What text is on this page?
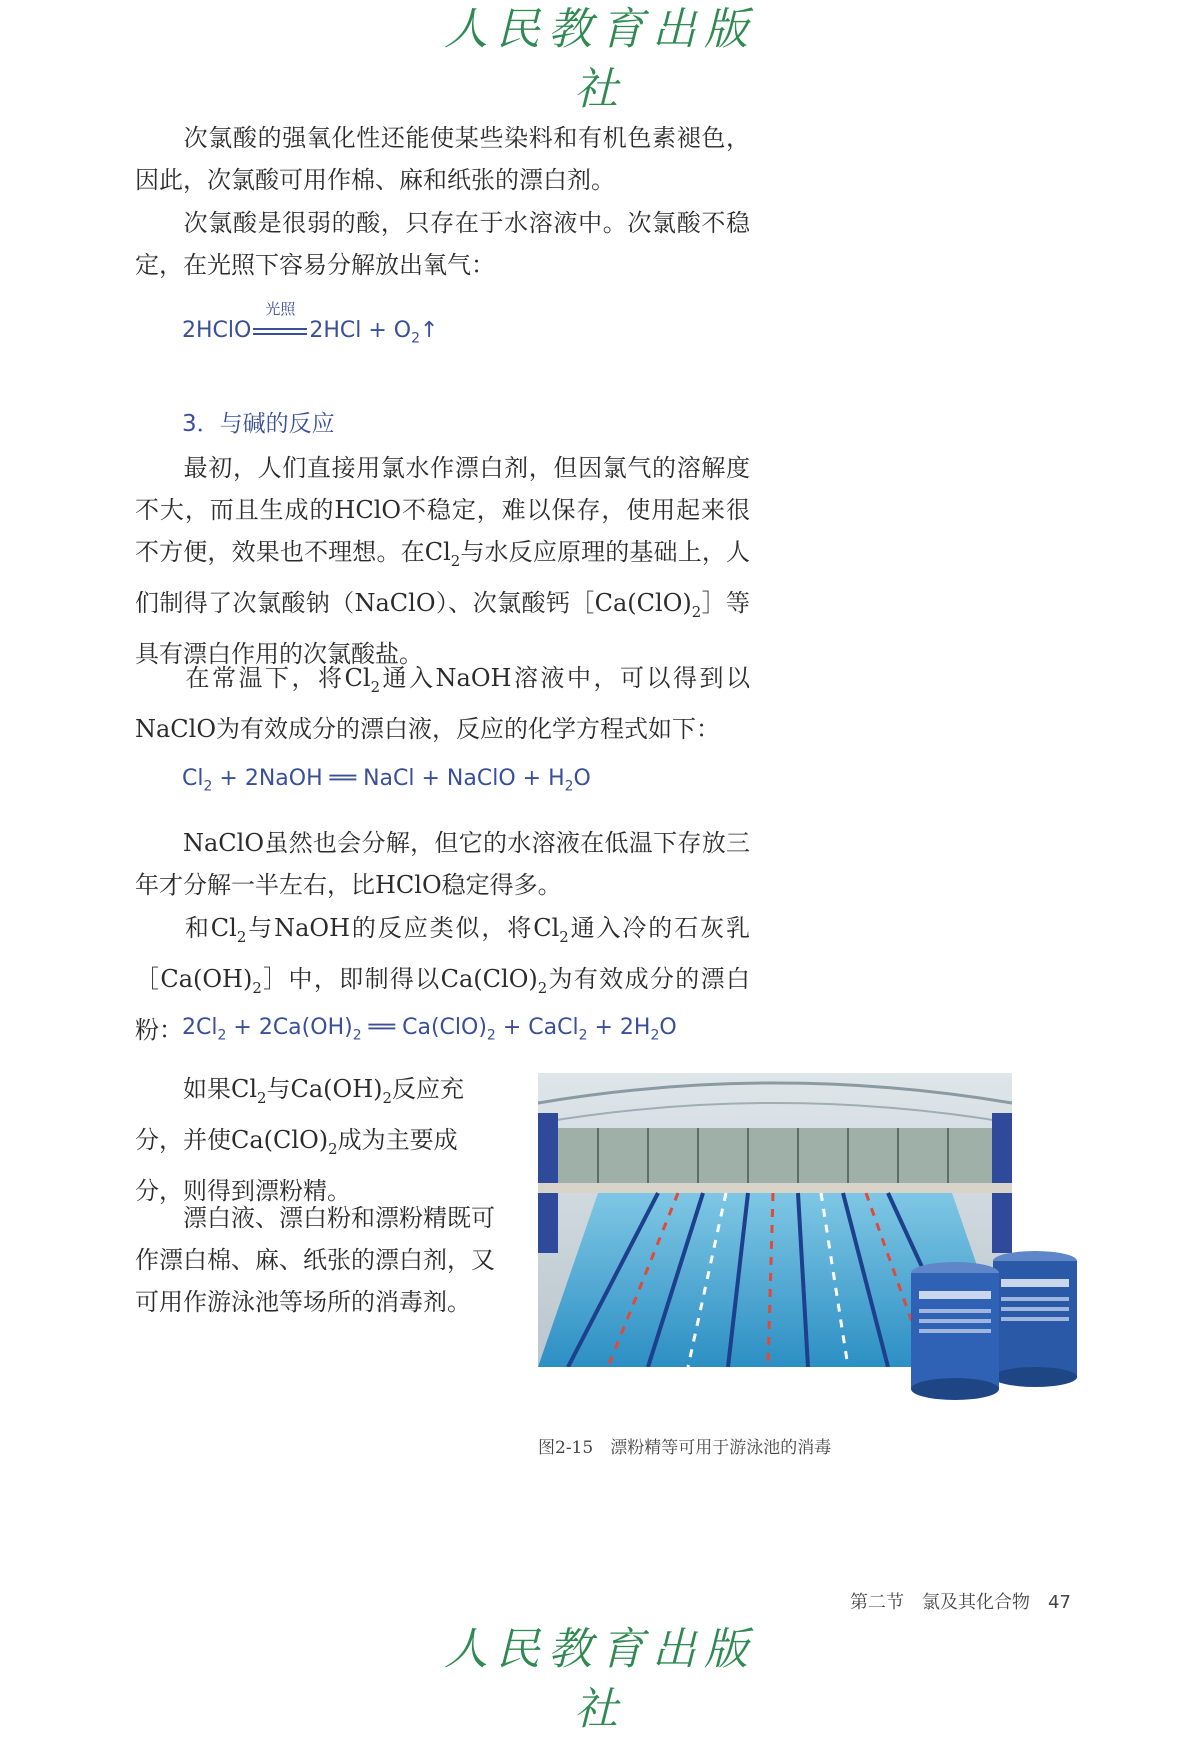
人民教育出版社

次氯酸的强氧化性还能使某些染料和有机色素褪色，因此，次氯酸可用作棉、麻和纸张的漂白剂。

次氯酸是很弱的酸，只存在于水溶液中。次氯酸不稳定，在光照下容易分解放出氧气：

2HClO
光照
$2HCl + O_2↑$
3．与碱的反应

最初，人们直接用氯水作漂白剂，但因氯气的溶解度不大，而且生成的HClO不稳定，难以保存，使用起来很不方便，效果也不理想。在$Cl_2$与水反应原理的基础上，人们制得了次氯酸钠（NaClO）、次氯酸钙$[Ca(ClO)_2]$等具有漂白作用的次氯酸盐。

在常温下，将$Cl_2$通入NaOH溶液中，可以得到以NaClO为有效成分的漂白液，反应的化学方程式如下：

$Cl_2$ + 2NaOH ══ NaCl + NaClO + $H_2O$

NaClO虽然也会分解，但它的水溶液在低温下存放三年才分解一半左右，比HClO稳定得多。

和$Cl_2$与NaOH的反应类似，将$Cl_2$通入冷的石灰乳$[Ca(OH)_2]$中，即制得以$Ca(ClO)_2$为有效成分的漂白粉： $2Cl_2 + 2Ca(OH)_2$ ══ $Ca(ClO)_2$ + CaCl$_2$ + $2H_2O$

如果$Cl_2$与$Ca(OH)_2$反应充分，并使$Ca(ClO)_2$成为主要成分，则得到漂粉精。

漂白液、漂白粉和漂粉精既可作漂白棉、麻、纸张的漂白剂，又可用作游泳池等场所的消毒剂。

图2-15　漂粉精等可用于游泳池的消毒
第二节　氯及其化合物 47
人民教育出版社
